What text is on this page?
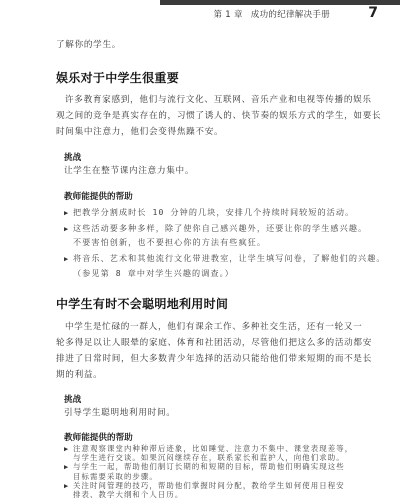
第 1 章 成功的纪律解决手册	7
了解你的学生。
娱乐对于中学生很重要
许多教育家感到，他们与流行文化、互联网、音乐产业和电视等传播的娱乐
观之间的竞争是真实存在的，习惯了诱人的、快节奏的娱乐方式的学生，如要长
时间集中注意力，他们会变得焦躁不安。
挑战
让学生在整节课内注意力集中。
教师能提供的帮助
▶ 把教学分割成时长 10 分钟的几块，安排几个持续时间较短的活动。
▶ 这些活动要多种多样，除了使你自己感兴趣外，还要让你的学生感兴趣。
不要害怕创新，也不要担心你的方法有些疯狂。
▶ 将音乐、艺术和其他流行文化带进教室，让学生填写问卷，了解他们的兴趣。
（参见第 8 章中对学生兴趣的调查。）
中学生有时不会聪明地利用时间
中学生是忙碌的一群人，他们有课余工作、多种社交生活，还有一轮又一
轮多得足以让人眼晕的家庭、体育和社团活动，尽管他们把这么多的活动都安
排进了日常时间，但大多数青少年选择的活动只能给他们带来短期的而不是长
期的利益。
挑战
引导学生聪明地利用时间。
教师能提供的帮助
▶ 注意观察课堂内种种滞后迹象，比如睡觉、注意力不集中、课堂表现差等，
与学生进行交谈。如果沉闷继续存在，联系家长和监护人，向他们求助。
▶ 与学生一起，帮助他们制订长期的和短期的目标，帮助他们明确实现这些
目标需要采取的步骤。
▶ 关注时间管理的技巧，帮助他们掌握时间分配，教给学生如何使用日程安
排表、教学大纲和个人日历。
